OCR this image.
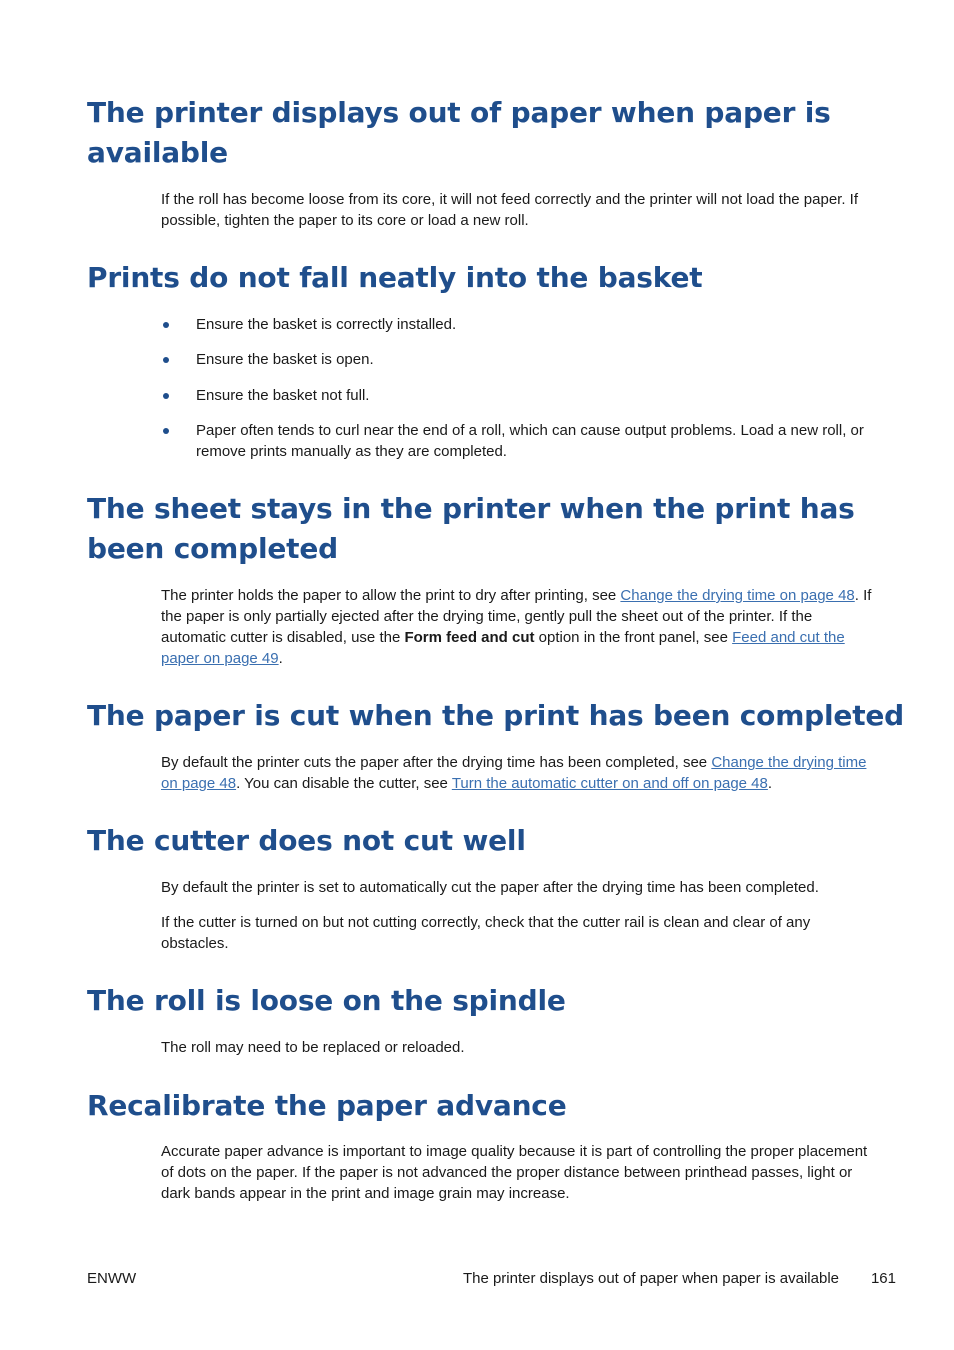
The printer displays out of paper when paper is available

If the roll has become loose from its core, it will not feed correctly and the printer will not load the paper. If possible, tighten the paper to its core or load a new roll.

Prints do not fall neatly into the basket
Ensure the basket is correctly installed.
Ensure the basket is open.
Ensure the basket not full.
Paper often tends to curl near the end of a roll, which can cause output problems. Load a new roll, or remove prints manually as they are completed.
The sheet stays in the printer when the print has been completed

The printer holds the paper to allow the print to dry after printing, see Change the drying time on page 48. If the paper is only partially ejected after the drying time, gently pull the sheet out of the printer. If the automatic cutter is disabled, use the Form feed and cut option in the front panel, see Feed and cut the paper on page 49.

The paper is cut when the print has been completed

By default the printer cuts the paper after the drying time has been completed, see Change the drying time on page 48. You can disable the cutter, see Turn the automatic cutter on and off on page 48.

The cutter does not cut well

By default the printer is set to automatically cut the paper after the drying time has been completed.

If the cutter is turned on but not cutting correctly, check that the cutter rail is clean and clear of any obstacles.

The roll is loose on the spindle

The roll may need to be replaced or reloaded.

Recalibrate the paper advance

Accurate paper advance is important to image quality because it is part of controlling the proper placement of dots on the paper. If the paper is not advanced the proper distance between printhead passes, light or dark bands appear in the print and image grain may increase.

ENWW	The printer displays out of paper when paper is available 161
